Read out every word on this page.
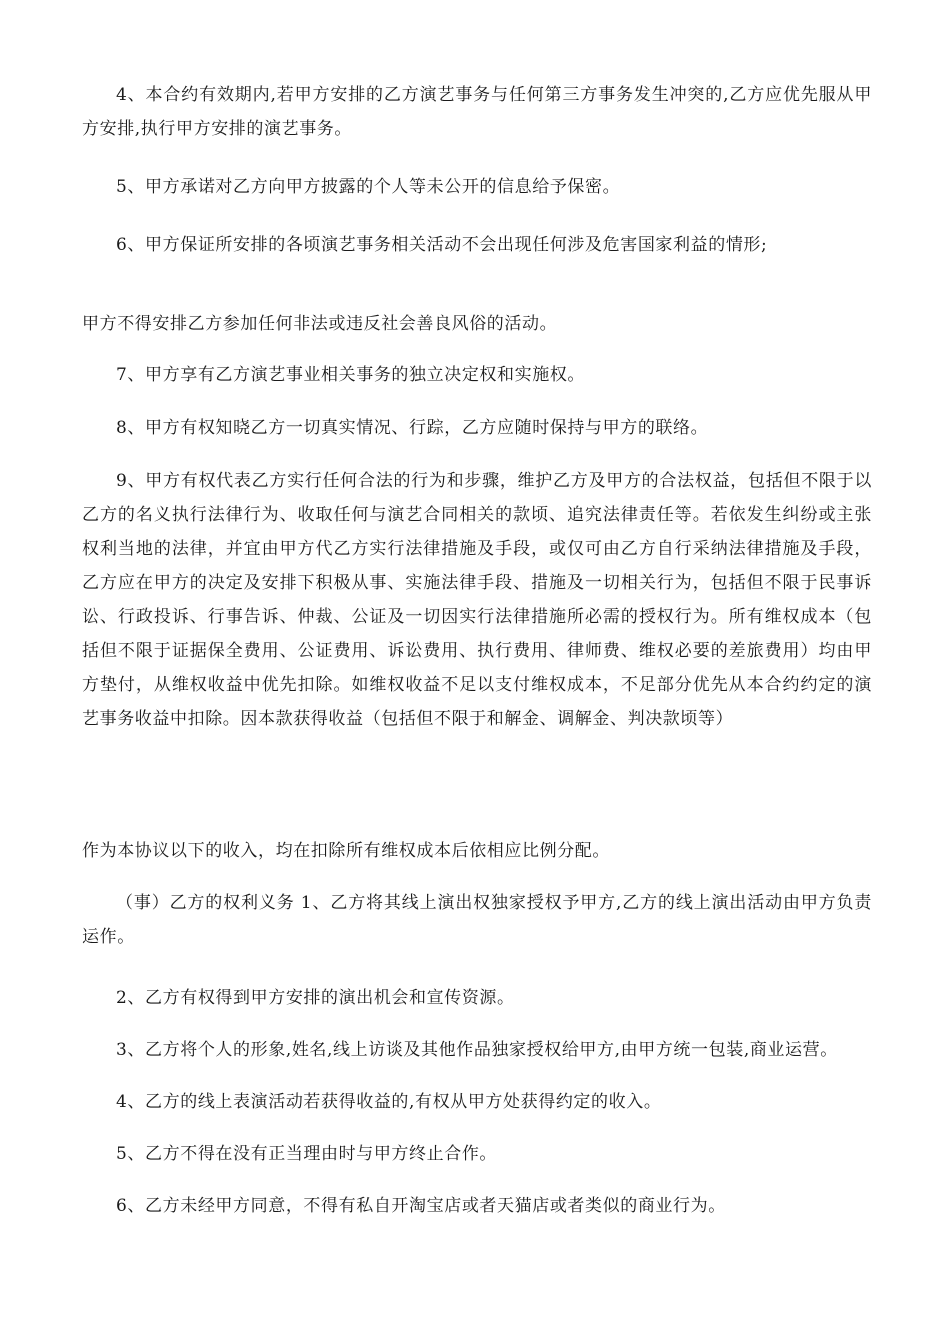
4、本合约有效期内,若甲方安排的乙方演艺事务与任何第三方事务发生冲突的,乙方应优先服从甲方安排,执行甲方安排的演艺事务。

5、甲方承诺对乙方向甲方披露的个人等未公开的信息给予保密。

6、甲方保证所安排的各顷演艺事务相关活动不会出现任何涉及危害国家利益的情形;

甲方不得安排乙方参加任何非法或违反社会善良风俗的活动。

7、甲方享有乙方演艺事业相关事务的独立决定权和实施权。

8、甲方有权知晓乙方一切真实情况、行踪，乙方应随时保持与甲方的联络。

9、甲方有权代表乙方实行任何合法的行为和步骤，维护乙方及甲方的合法权益，包括但不限于以乙方的名义执行法律行为、收取任何与演艺合同相关的款顷、追究法律责任等。若依发生纠纷或主张权利当地的法律，并宜由甲方代乙方实行法律措施及手段，或仅可由乙方自行采纳法律措施及手段，乙方应在甲方的决定及安排下积极从事、实施法律手段、措施及一切相关行为，包括但不限于民事诉讼、行政投诉、行事告诉、仲裁、公证及一切因实行法律措施所必需的授权行为。所有维权成本（包括但不限于证据保全费用、公证费用、诉讼费用、执行费用、律师费、维权必要的差旅费用）均由甲方垫付，从维权收益中优先扣除。如维权收益不足以支付维权成本，不足部分优先从本合约约定的演艺事务收益中扣除。因本款获得收益（包括但不限于和解金、调解金、判决款顷等）

作为本协议以下的收入，均在扣除所有维权成本后依相应比例分配。

（事）乙方的权利义务 1、乙方将其线上演出权独家授权予甲方,乙方的线上演出活动由甲方负责运作。

2、乙方有权得到甲方安排的演出机会和宣传资源。

3、乙方将个人的形象,姓名,线上访谈及其他作品独家授权给甲方,由甲方统一包装,商业运营。

4、乙方的线上表演活动若获得收益的,有权从甲方处获得约定的收入。

5、乙方不得在没有正当理由时与甲方终止合作。

6、乙方未经甲方同意，不得有私自开淘宝店或者天猫店或者类似的商业行为。
